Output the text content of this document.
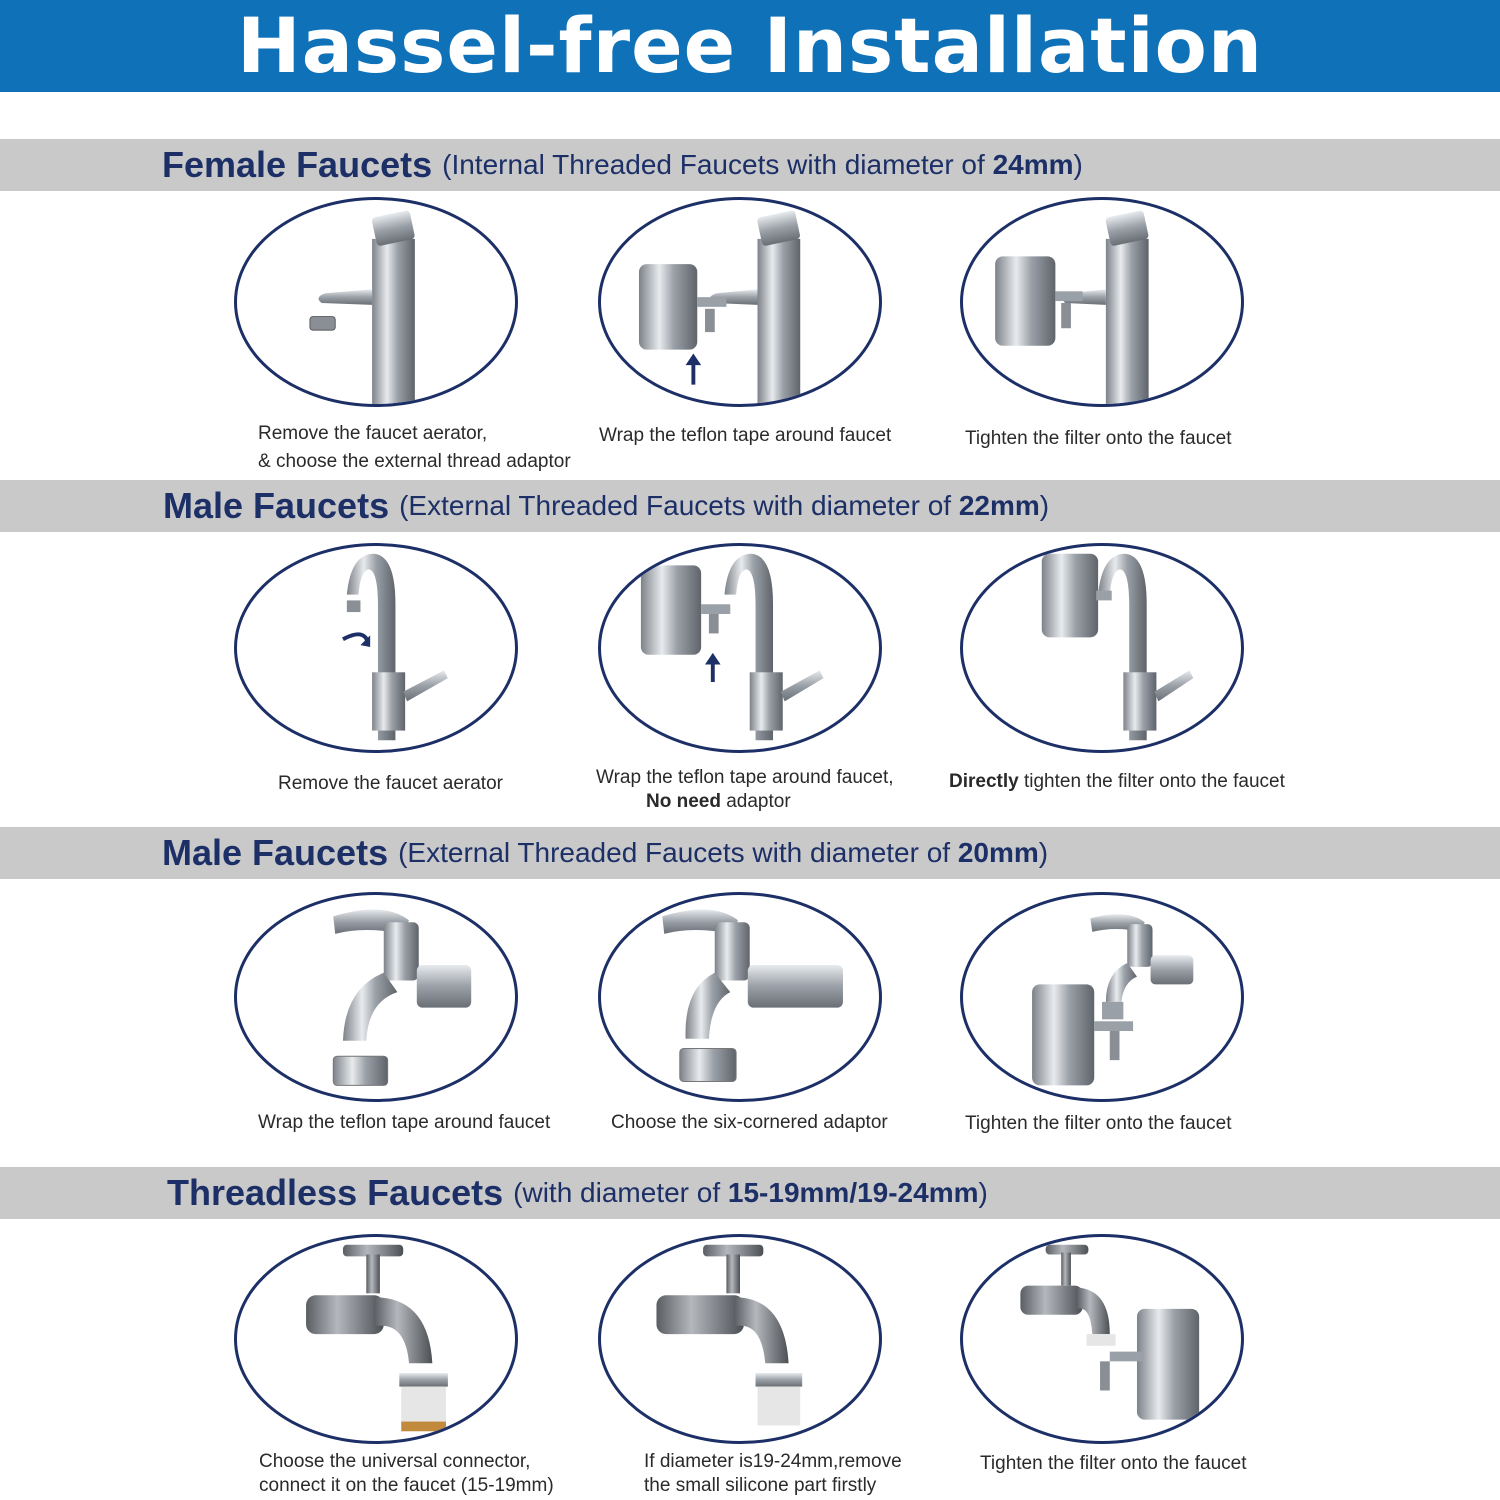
Hassel-free Installation
Female Faucets (Internal Threaded Faucets with diameter of 24mm)
Remove the faucet aerator,
& choose the external thread adaptor
Wrap the teflon tape around faucet	Tighten the filter onto the faucet
Male Faucets (External Threaded Faucets with diameter of 22mm)
Remove the faucet aerator	Wrap the teflon tape around faucet,
No need adaptor
Directly tighten the filter onto the faucet
Male Faucets (External Threaded Faucets with diameter of 20mm)
Wrap the teflon tape around faucet	Choose the six-cornered adaptor	Tighten the filter onto the faucet
Threadless Faucets (with diameter of 15-19mm/19-24mm)
Choose the universal connector,
connect it on the faucet (15-19mm)
If diameter is19-24mm,remove
the small silicone part firstly
Tighten the filter onto the faucet
